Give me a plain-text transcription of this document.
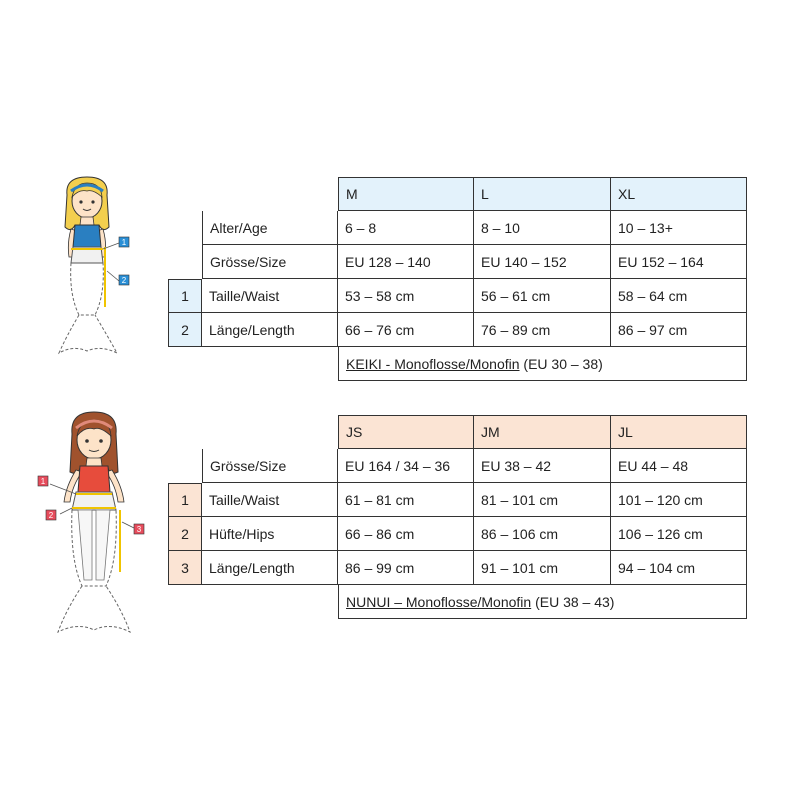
1
2
M	L	XL
Alter/Age	6 – 8	8 – 10	10 – 13+
Grösse/Size	EU 128 – 140	EU 140 – 152	EU 152 – 164
1	Taille/Waist	53 – 58 cm	56 – 61 cm	58 – 64 cm
2	Länge/Length	66 – 76 cm	76 – 89 cm	86 – 97 cm
KEIKI - Monoflosse/Monofin (EU 30 – 38)
1
2
3
JS	JM	JL
Grösse/Size	EU 164 / 34 – 36	EU 38 – 42	EU 44 – 48
1	Taille/Waist	61 – 81 cm	81 – 101 cm	101 – 120 cm
2	Hüfte/Hips	66 – 86 cm	86 – 106 cm	106 – 126 cm
3	Länge/Length	86 – 99 cm	91 – 101 cm	94 – 104 cm
NUNUI – Monoflosse/Monofin (EU 38 – 43)
